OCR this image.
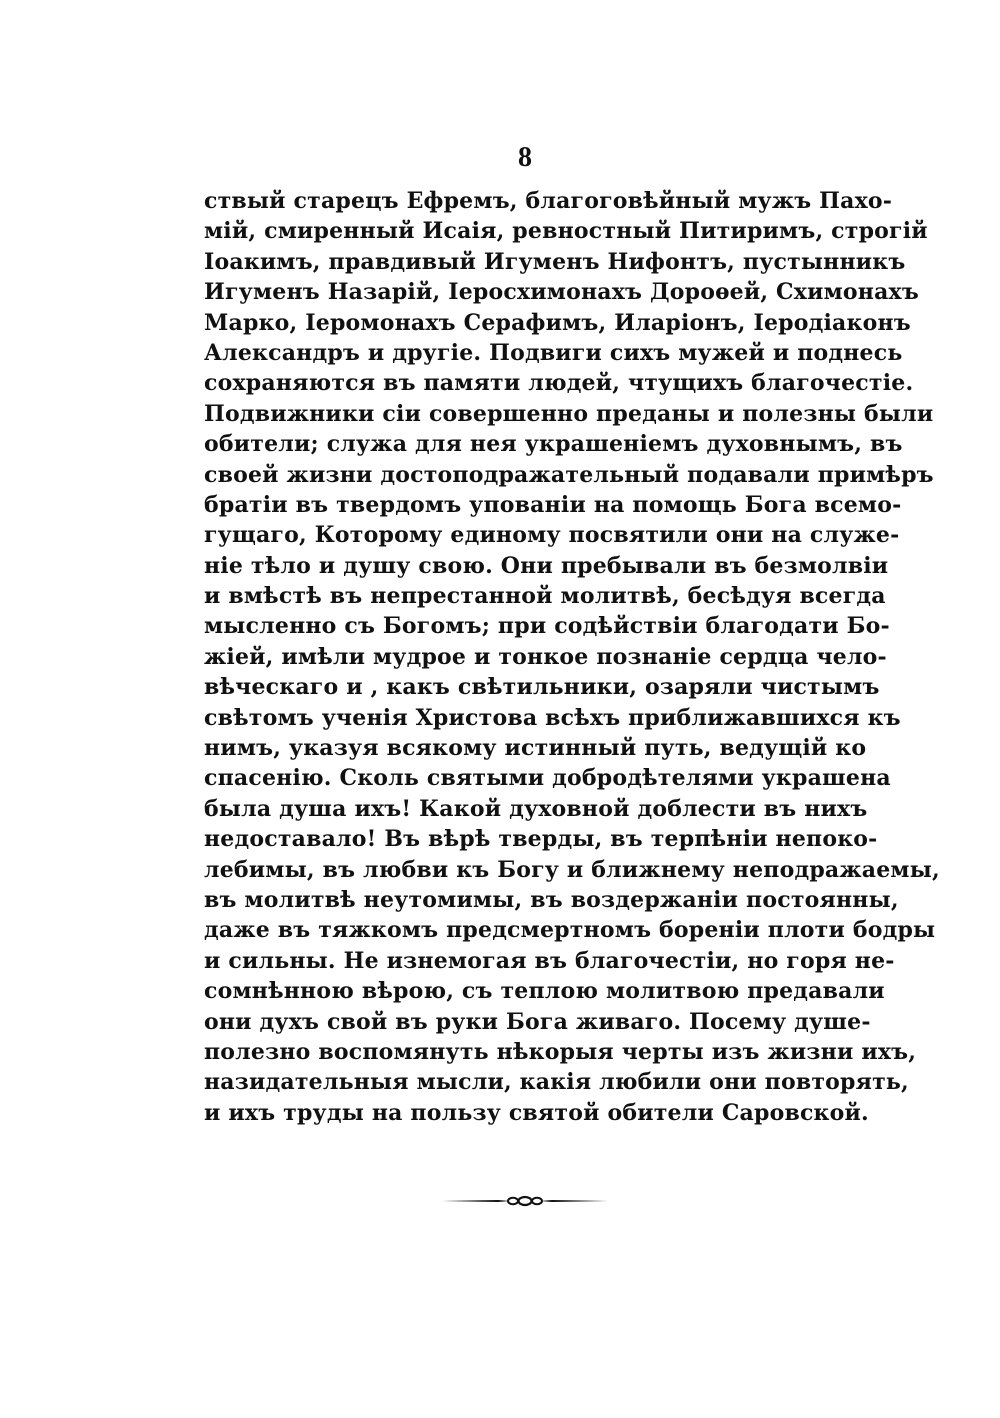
8
ствый старецъ Ефремъ, благоговѣйный мужъ Пахо-
мій, смиренный Исаія, ревностный Питиримъ, строгій
Іоакимъ, правдивый Игуменъ Нифонтъ, пустынникъ
Игуменъ Назарій, Іеросхимонахъ Дороѳей, Схимонахъ
Марко, Іеромонахъ Серафимъ, Иларіонъ, Іеродіаконъ
Александръ и другіе. Подвиги сихъ мужей и поднесь
сохраняются въ памяти людей, чтущихъ благочестіе.
Подвижники сіи совершенно преданы и полезны были
обители; служа для нея украшеніемъ духовнымъ, въ
своей жизни достоподражательный подавали примѣръ
братіи въ твердомъ упованіи на помощь Бога всемо-
гущаго, Которому единому посвятили они на служе-
ніе тѣло и душу свою. Они пребывали въ безмолвіи
и вмѣстѣ въ непрестанной молитвѣ, бесѣдуя всегда
мысленно съ Богомъ; при содѣйствіи благодати Бо-
жіей, имѣли мудрое и тонкое познаніе сердца чело-
вѣческаго и , какъ свѣтильники, озаряли чистымъ
свѣтомъ ученія Христова всѣхъ приближавшихся къ
нимъ, указуя всякому истинный путь, ведущій ко
спасенію. Сколь святыми добродѣтелями украшена
была душа ихъ! Какой духовной доблести въ нихъ
недоставало! Въ вѣрѣ тверды, въ терпѣніи непоко-
лебимы, въ любви къ Богу и ближнему неподражаемы,
въ молитвѣ неутомимы, въ воздержаніи постоянны,
даже въ тяжкомъ предсмертномъ бореніи плоти бодры
и сильны. Не изнемогая въ благочестіи, но горя не-
сомнѣнною вѣрою, съ теплою молитвою предавали
они духъ свой въ руки Бога живаго. Посему душе-
полезно воспомянуть нѣкорыя черты изъ жизни ихъ,
назидательныя мысли, какія любили они повторять,
и ихъ труды на пользу святой обители Саровской.
